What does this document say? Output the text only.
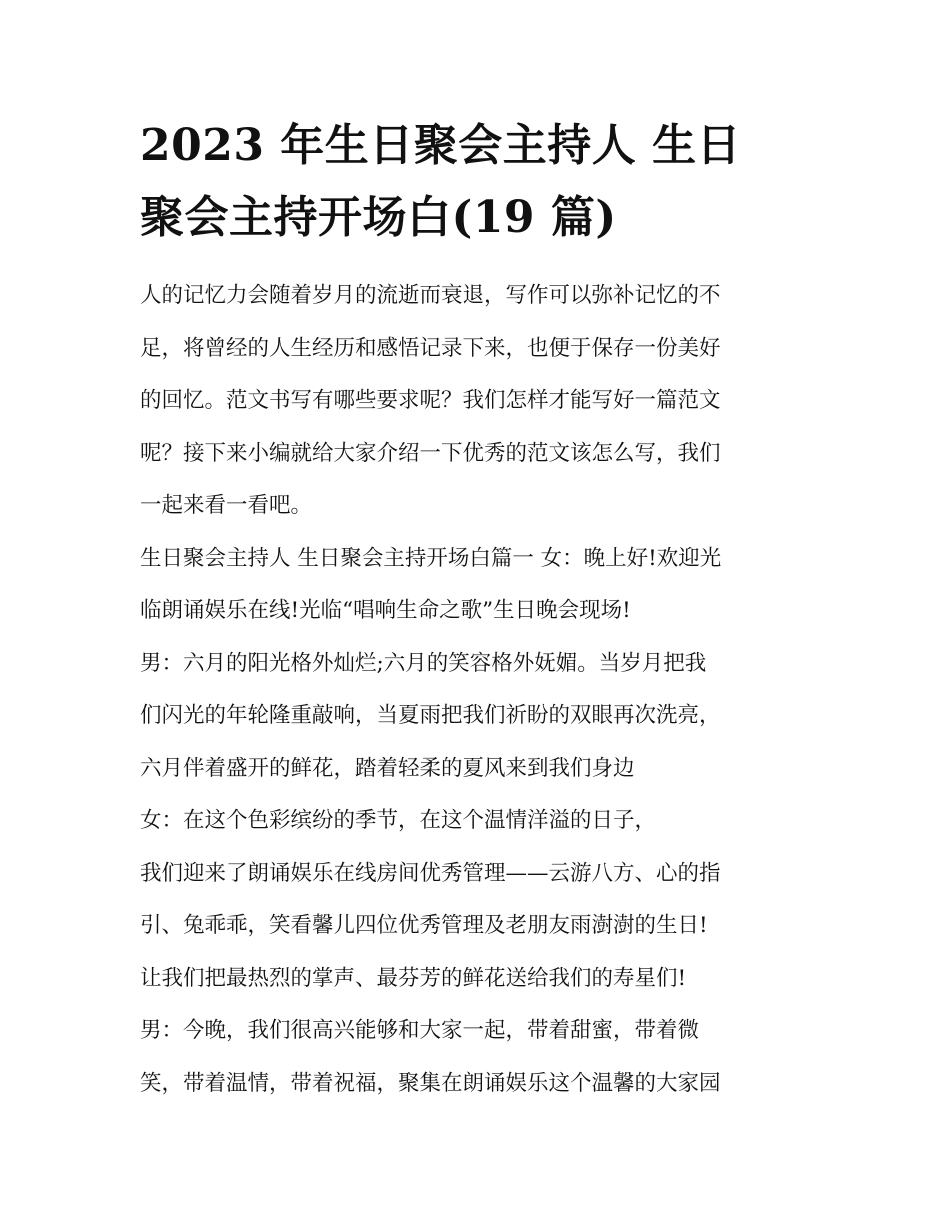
2023 年生日聚会主持人 生日
聚会主持开场白(19 篇)
人的记忆力会随着岁月的流逝而衰退，写作可以弥补记忆的不
足，将曾经的人生经历和感悟记录下来，也便于保存一份美好
的回忆。范文书写有哪些要求呢？我们怎样才能写好一篇范文
呢？接下来小编就给大家介绍一下优秀的范文该怎么写，我们
一起来看一看吧。
生日聚会主持人 生日聚会主持开场白篇一 女：晚上好!欢迎光
临朗诵娱乐在线!光临“唱响生命之歌”生日晚会现场!
男：六月的阳光格外灿烂;六月的笑容格外妩媚。当岁月把我
们闪光的年轮隆重敲响，当夏雨把我们祈盼的双眼再次洗亮，
六月伴着盛开的鲜花，踏着轻柔的夏风来到我们身边
女：在这个色彩缤纷的季节，在这个温情洋溢的日子，
我们迎来了朗诵娱乐在线房间优秀管理——云游八方、心的指
引、兔乖乖，笑看馨儿四位优秀管理及老朋友雨澍澍的生日!
让我们把最热烈的掌声、最芬芳的鲜花送给我们的寿星们!
男：今晚，我们很高兴能够和大家一起，带着甜蜜，带着微
笑，带着温情，带着祝福，聚集在朗诵娱乐这个温馨的大家园
